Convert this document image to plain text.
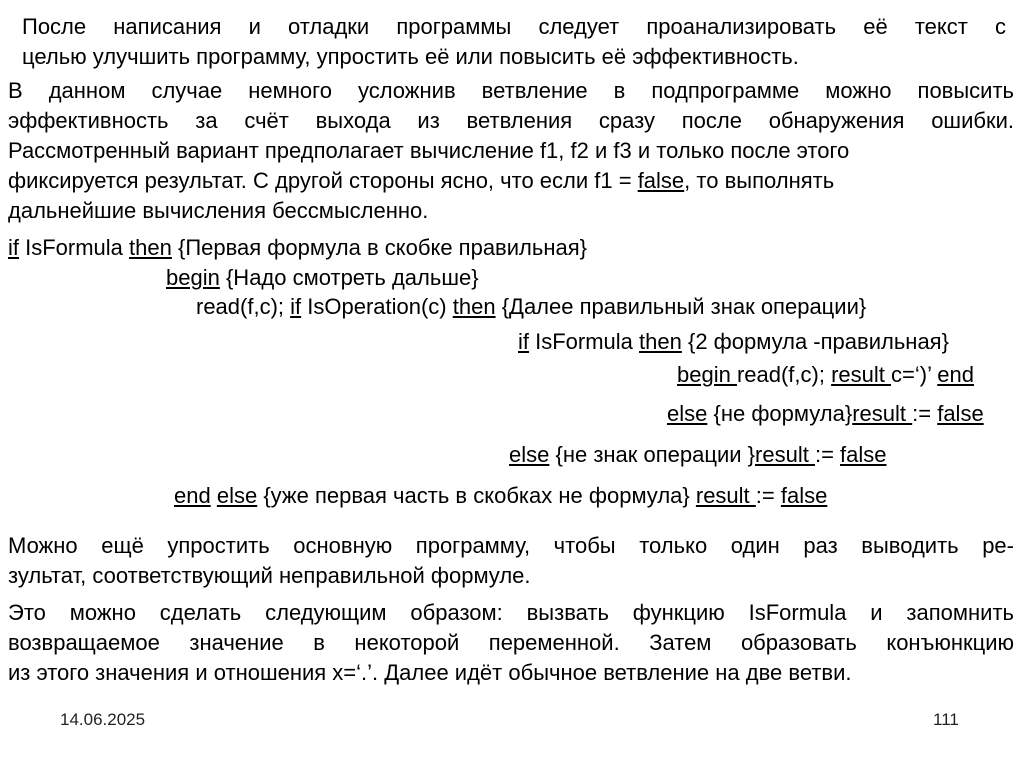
После написания и отладки программы следует проанализировать её текст с
целью улучшить программу, упростить её или повысить её эффективность.
В данном случае немного усложнив ветвление в подпрограмме можно повысить
эффективность за счёт выхода из ветвления сразу после обнаружения ошибки.
Рассмотренный вариант предполагает вычисление f1, f2 и f3 и только после этого
фиксируется результат. С другой стороны ясно, что если f1 = false, то выполнять
дальнейшие вычисления бессмысленно.
if IsFormula then {Первая формула в скобке правильная}
begin {Надо смотреть дальше}
read(f,c); if IsOperation(c) then {Далее правильный знак операции}
if IsFormula then {2 формула -правильная}
begin read(f,c); result c=‘)’ end
else {не формула}result := false
else {не знак операции }result := false
end else {уже первая часть в скобках не формула} result := false
Можно ещё упростить основную программу, чтобы только один раз выводить ре-
зультат, соответствующий неправильной формуле.
Это можно сделать следующим образом: вызвать функцию IsFormula и запомнить
возвращаемое значение в некоторой переменной. Затем образовать конъюнкцию
из этого значения и отношения x=‘.’. Далее идёт обычное ветвление на две ветви.
14.06.2025	111
